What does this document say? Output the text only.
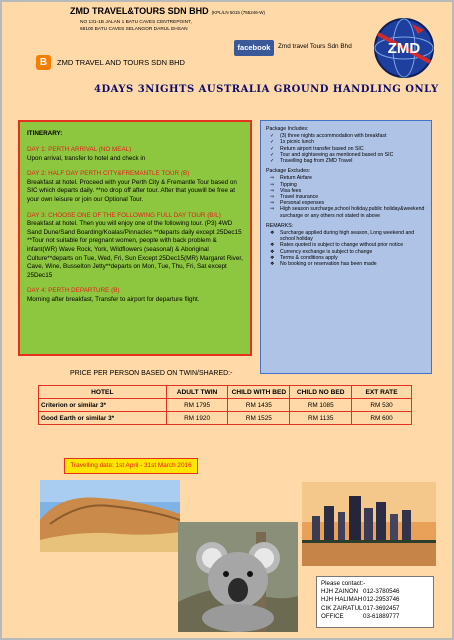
ZMD TRAVEL&TOURS SDN BHD (KPL/LN 5015 (755246-W)
NO 131-1B JALAN 1 BATU CAVES CENTREPOINT,
68100 BATU CAVES SELANGOR DARUL EHSAN
facebook	Zmd travel Tours Sdn Bhd
B	ZMD TRAVEL AND TOURS SDN BHD
ZMD
4DAYS 3NIGHTS AUSTRALIA GROUND HANDLING ONLY
ITINERARY:
DAY 1: PERTH ARRIVAL (NO MEAL)
Upon arrival, transfer to hotel and check in
DAY 2: HALF DAY PERTH CITY&FREMANTLE TOUR (B)
Breakfast at hotel. Proceed with your Perth City & Fremantle Tour based on SIC which departs daily. **no drop off after tour. After that youwill be free at your own leisure or join our Optional Tour.
DAY 3: CHOOSE ONE OF THE FOLLOWING FULL DAY TOUR (B/L)
Breakfast at hotel. Then you will enjoy one of the following tour. (P3) 4WD Sand Dune/Sand Boarding/Koalas/Pinnacles **departs daily except 25Dec15 **Tour not suitable for pregnant women, people with back problem & infant(WR) Wave Rock, York, Wildflowers (seasonal) & Aboriginal Culture**departs on Tue, Wed, Fri, Sun Except 25Dec15(MR) Margaret River, Cave, Wine, Busselton Jetty**departs on Mon, Tue, Thu, Fri, Sat except 25Dec15
DAY 4: PERTH DEPARTURE (B)
Morning after breakfast, Transfer to airport for departure flight.
Package Includes:
✓	(3) three nights accommodation with breakfast
✓	1x picnic lunch
✓	Return airport transfer based on SIC
✓	Tour and sightseeing as mentioned based on SIC
✓	Travelling bag from ZMD Travel
Package Excludes:
⇒	Return Airfare
⇒	Tipping
⇒	Visa fees
⇒	Travel insurance
⇒	Personal expenses
⇒	High season surcharge,school holiday,public holiday&weekend surcharge or any others not stated in above
REMARKS:
❖	Surcharge applied during high season, Long weekend and school holiday
❖	Rates quoted is subject to change without prior notice
❖	Currency exchange is subject to change
❖	Terms & conditions apply
❖	No booking or reservation has been made
PRICE PER PERSON BASED ON TWIN/SHARED:-
HOTEL	ADULT TWIN	CHILD WITH BED	CHILD NO BED	EXT RATE
Criterion or similar 3*	RM 1795	RM 1435	RM 1085	RM 530
Good Earth or similar 3*	RM 1920	RM 1525	RM 1135	RM 600
Travelling date: 1st April - 31st March 2016
Please contact:-
HJH ZAINON 012-3780546
HJH HALIMAH 012-2953746
CIK ZAIRATUL 017-3692457
OFFICE	03-61889777
